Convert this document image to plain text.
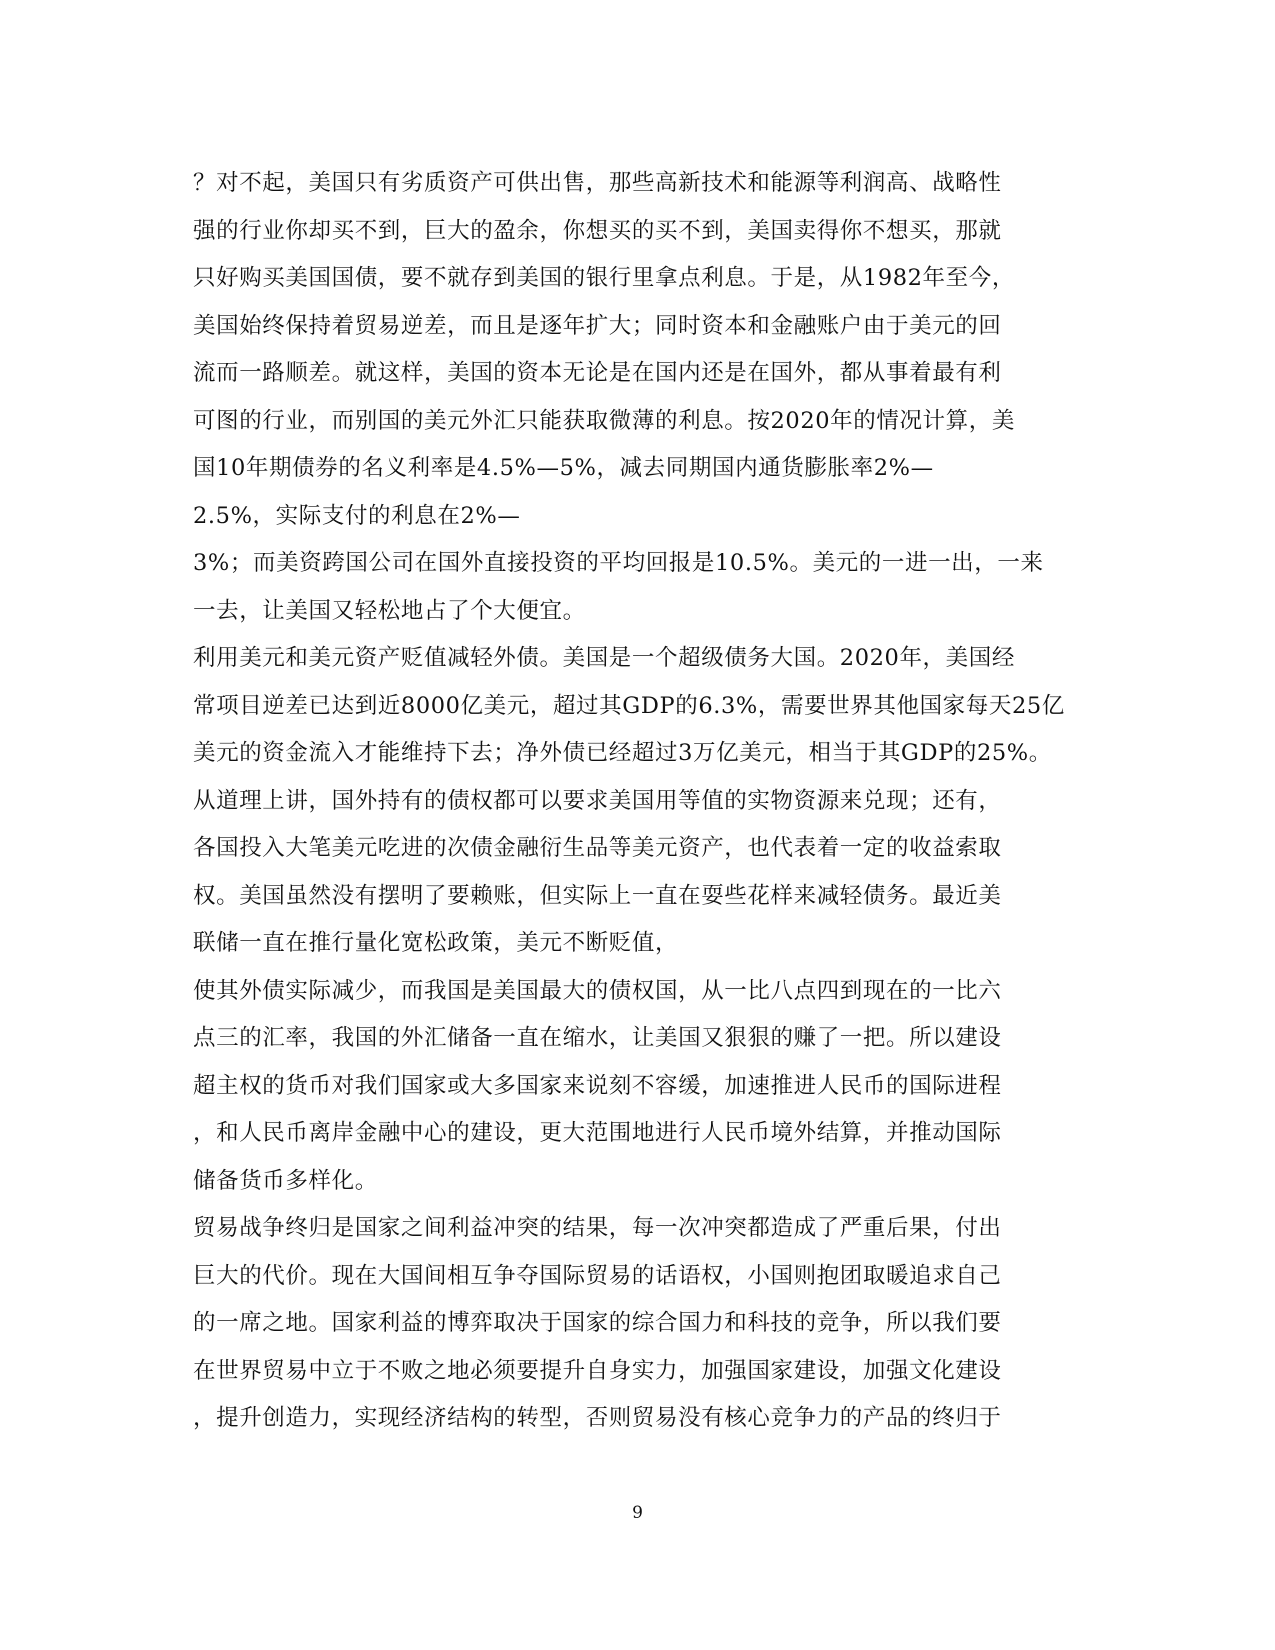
？对不起，美国只有劣质资产可供出售，那些高新技术和能源等利润高、战略性
强的行业你却买不到，巨大的盈余，你想买的买不到，美国卖得你不想买，那就
只好购买美国国债，要不就存到美国的银行里拿点利息。于是，从1982年至今，
美国始终保持着贸易逆差，而且是逐年扩大；同时资本和金融账户由于美元的回
流而一路顺差。就这样，美国的资本无论是在国内还是在国外，都从事着最有利
可图的行业，而别国的美元外汇只能获取微薄的利息。按2020年的情况计算，美
国10年期债券的名义利率是4.5%—5%，减去同期国内通货膨胀率2%—
2.5%，实际支付的利息在2%—
3%；而美资跨国公司在国外直接投资的平均回报是10.5%。美元的一进一出，一来
一去，让美国又轻松地占了个大便宜。
利用美元和美元资产贬值减轻外债。美国是一个超级债务大国。2020年，美国经
常项目逆差已达到近8000亿美元，超过其GDP的6.3%，需要世界其他国家每天25亿
美元的资金流入才能维持下去；净外债已经超过3万亿美元，相当于其GDP的25%。
从道理上讲，国外持有的债权都可以要求美国用等值的实物资源来兑现；还有，
各国投入大笔美元吃进的次债金融衍生品等美元资产，也代表着一定的收益索取
权。美国虽然没有摆明了要赖账，但实际上一直在耍些花样来减轻债务。最近美
联储一直在推行量化宽松政策，美元不断贬值，
使其外债实际减少，而我国是美国最大的债权国，从一比八点四到现在的一比六
点三的汇率，我国的外汇储备一直在缩水，让美国又狠狠的赚了一把。所以建设
超主权的货币对我们国家或大多国家来说刻不容缓，加速推进人民币的国际进程
，和人民币离岸金融中心的建设，更大范围地进行人民币境外结算，并推动国际
储备货币多样化。
贸易战争终归是国家之间利益冲突的结果，每一次冲突都造成了严重后果，付出
巨大的代价。现在大国间相互争夺国际贸易的话语权，小国则抱团取暖追求自己
的一席之地。国家利益的博弈取决于国家的综合国力和科技的竞争，所以我们要
在世界贸易中立于不败之地必须要提升自身实力，加强国家建设，加强文化建设
，提升创造力，实现经济结构的转型，否则贸易没有核心竞争力的产品的终归于
9
